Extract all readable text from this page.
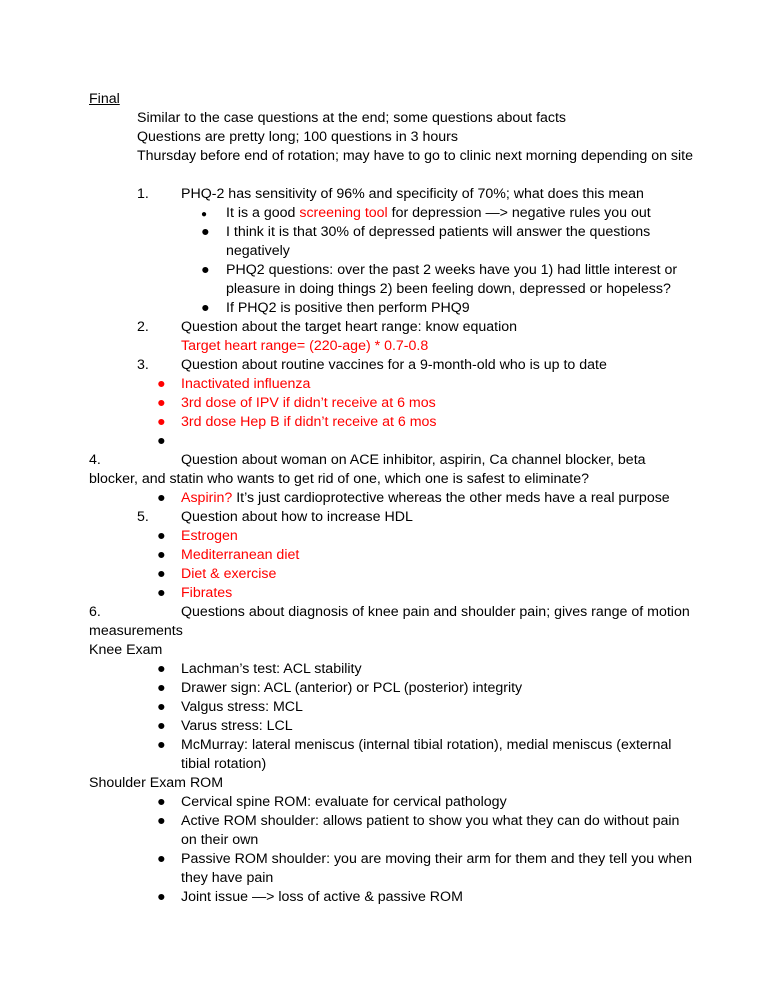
Final
Similar to the case questions at the end; some questions about facts
Questions are pretty long; 100 questions in 3 hours
Thursday before end of rotation; may have to go to clinic next morning depending on site
1. PHQ-2 has sensitivity of 96% and specificity of 70%; what does this mean
● It is a good screening tool for depression —> negative rules you out
● I think it is that 30% of depressed patients will answer the questions
negatively
● PHQ2 questions: over the past 2 weeks have you 1) had little interest or
pleasure in doing things 2) been feeling down, depressed or hopeless?
● If PHQ2 is positive then perform PHQ9
2. Question about the target heart range: know equation
Target heart range= (220-age) * 0.7-0.8
3. Question about routine vaccines for a 9-month-old who is up to date
● Inactivated influenza
● 3rd dose of IPV if didn’t receive at 6 mos
● 3rd dose Hep B if didn’t receive at 6 mos
●
4.	Question about woman on ACE inhibitor, aspirin, Ca channel blocker, beta
blocker, and statin who wants to get rid of one, which one is safest to eliminate?
● Aspirin? It’s just cardioprotective whereas the other meds have a real purpose
5. Question about how to increase HDL
● Estrogen
● Mediterranean diet
● Diet & exercise
● Fibrates
6.	Questions about diagnosis of knee pain and shoulder pain; gives range of motion
measurements
Knee Exam
● Lachman’s test: ACL stability
● Drawer sign: ACL (anterior) or PCL (posterior) integrity
● Valgus stress: MCL
● Varus stress: LCL
● McMurray: lateral meniscus (internal tibial rotation), medial meniscus (external
tibial rotation)
Shoulder Exam ROM
● Cervical spine ROM: evaluate for cervical pathology
● Active ROM shoulder: allows patient to show you what they can do without pain
on their own
● Passive ROM shoulder: you are moving their arm for them and they tell you when
they have pain
● Joint issue —> loss of active & passive ROM
